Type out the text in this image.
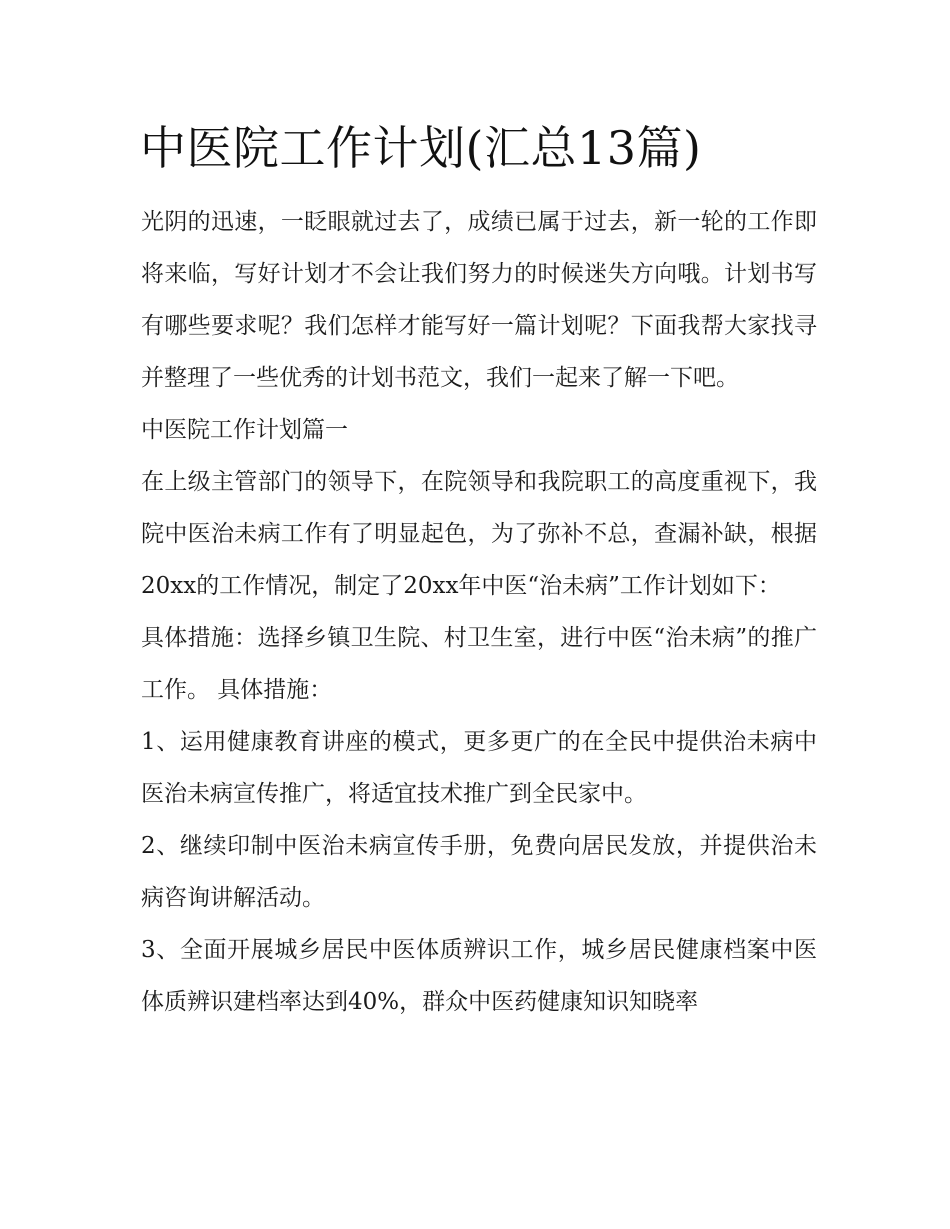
中医院工作计划(汇总13篇)

光阴的迅速，一眨眼就过去了，成绩已属于过去，新一轮的工作即将来临，写好计划才不会让我们努力的时候迷失方向哦。计划书写有哪些要求呢？我们怎样才能写好一篇计划呢？下面我帮大家找寻并整理了一些优秀的计划书范文，我们一起来了解一下吧。

中医院工作计划篇一

在上级主管部门的领导下，在院领导和我院职工的高度重视下，我院中医治未病工作有了明显起色，为了弥补不总，查漏补缺，根据20xx的工作情况，制定了20xx年中医“治未病”工作计划如下：

具体措施：选择乡镇卫生院、村卫生室，进行中医“治未病”的推广工作。 具体措施：

1、运用健康教育讲座的模式，更多更广的在全民中提供治未病中医治未病宣传推广，将适宜技术推广到全民家中。

2、继续印制中医治未病宣传手册，免费向居民发放，并提供治未病咨询讲解活动。

3、全面开展城乡居民中医体质辨识工作，城乡居民健康档案中医体质辨识建档率达到40%，群众中医药健康知识知晓率
